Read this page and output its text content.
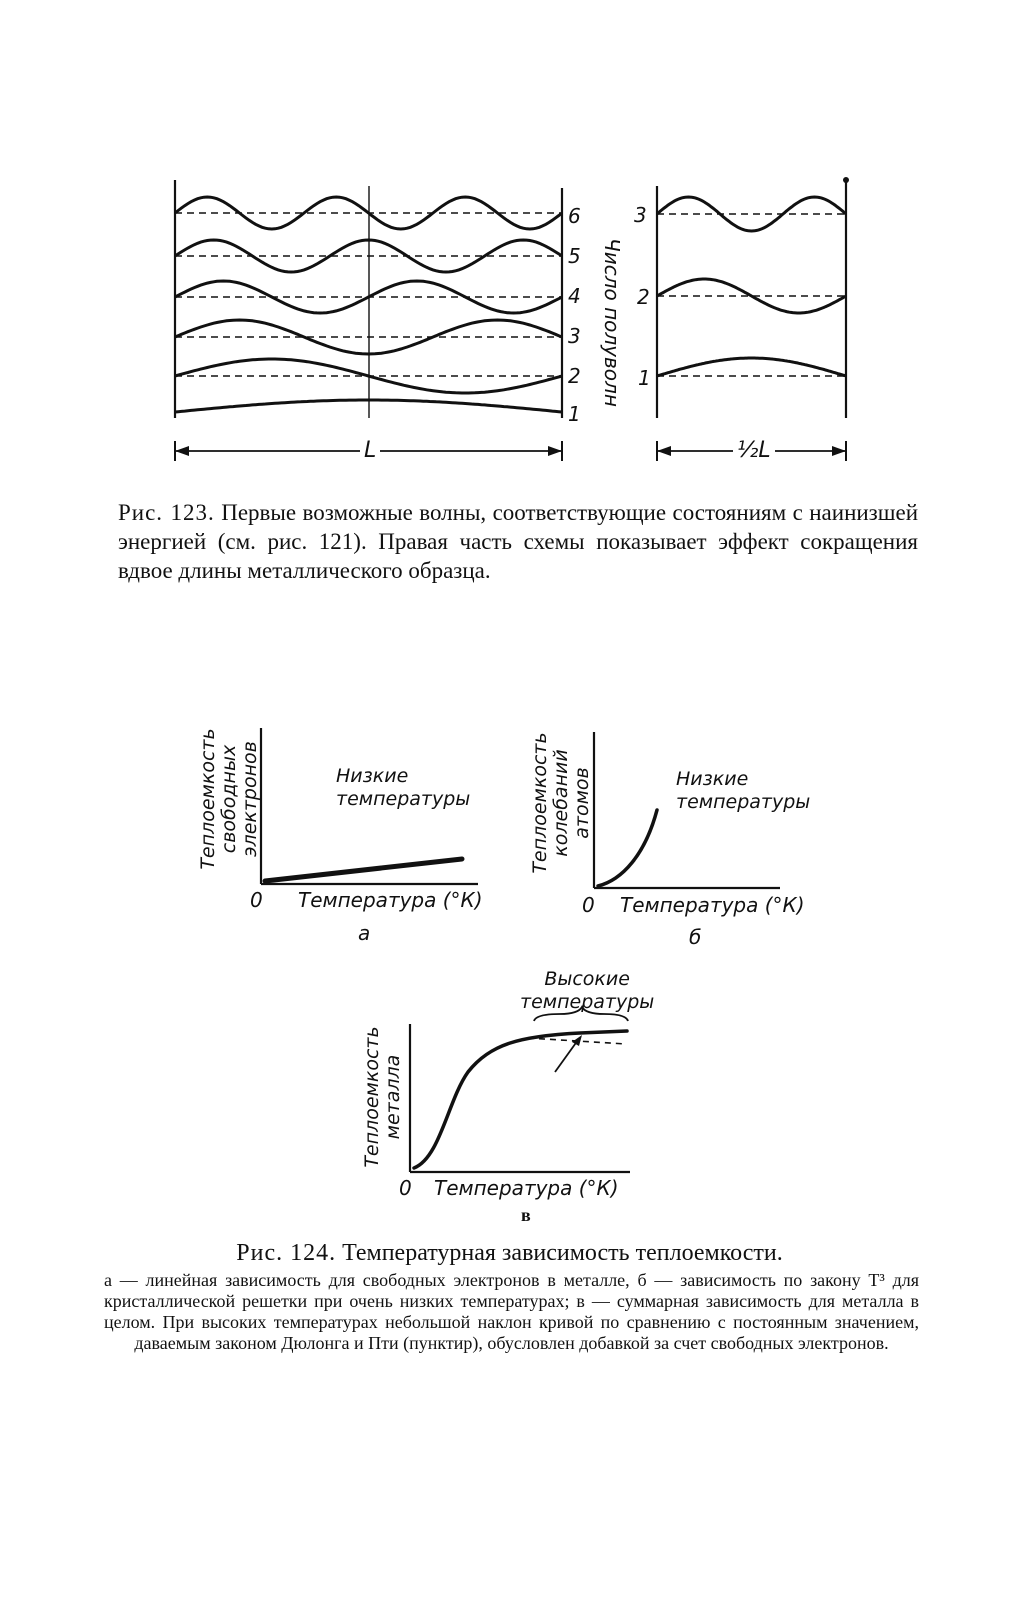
6
5
4
3
2
1
Число полуволн
3
2
1
L	½L
Рис. 123. Первые возможные волны, соответствующие состояниям с наинизшей энергией (см. рис. 121). Правая часть схемы показывает эффект сокращения вдвое длины металлического образца.
Теплоемкость
свободных
электронов
0 Температура (°К)
Низкие
температуры
а
Теплоемкость
колебаний
атомов
0 Температура (°К)
Низкие
температуры
б
Теплоемкость
металла
0 Температура (°К)
Высокие
температуры
в
Рис. 124. Температурная зависимость теплоемкости.
а — линейная зависимость для свободных электронов в металле, б — зависимость по закону T³ для кристаллической решетки при очень низких температурах; в — суммарная зависимость для металла в целом. При высоких температурах небольшой наклон кривой по сравнению с постоянным значением, даваемым законом Дюлонга и Пти (пунктир), обусловлен добавкой за счет свободных электронов.
